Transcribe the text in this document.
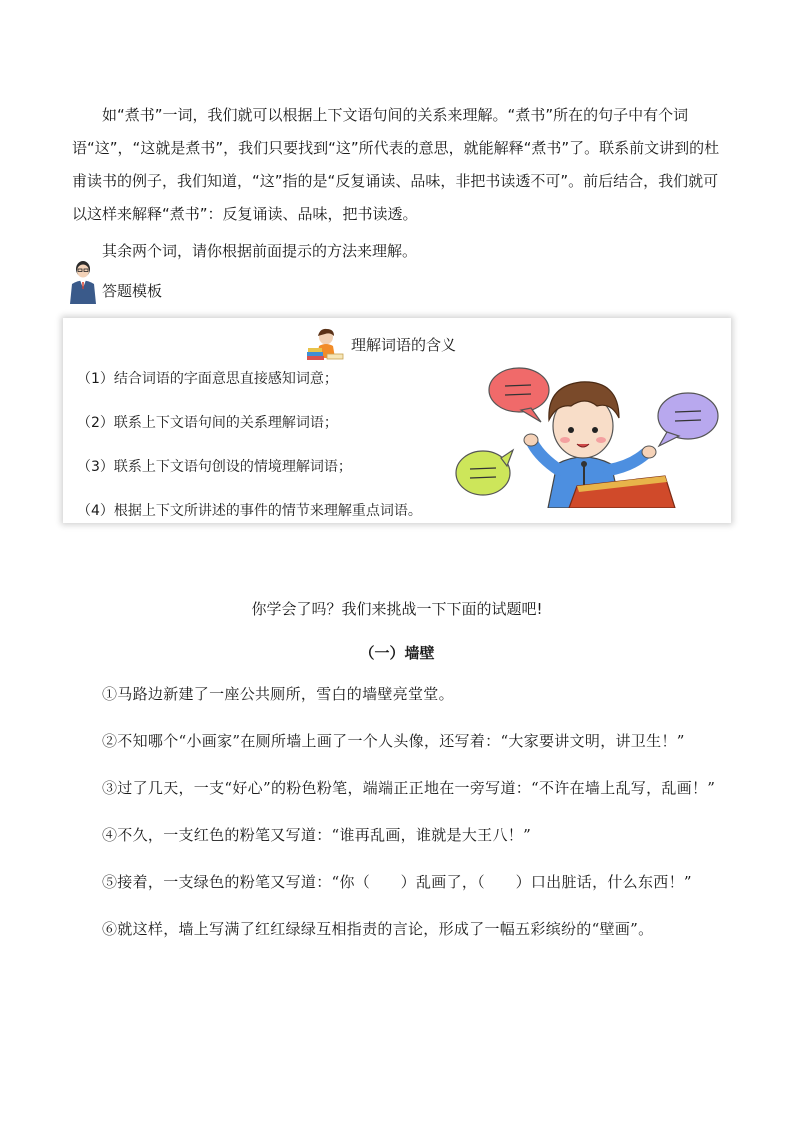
如“煮书”一词，我们就可以根据上下文语句间的关系来理解。“煮书”所在的句子中有个词语“这”，“这就是煮书”，我们只要找到“这”所代表的意思，就能解释“煮书”了。联系前文讲到的杜甫读书的例子，我们知道，“这”指的是“反复诵读、品味，非把书读透不可”。前后结合，我们就可以这样来解释“煮书”：反复诵读、品味，把书读透。

其余两个词，请你根据前面提示的方法来理解。
答题模板
理解词语的含义
（1）结合词语的字面意思直接感知词意；
（2）联系上下文语句间的关系理解词语；
（3）联系上下文语句创设的情境理解词语；
（4）根据上下文所讲述的事件的情节来理解重点词语。
你学会了吗？我们来挑战一下下面的试题吧!
（一）墙壁

①马路边新建了一座公共厕所，雪白的墙壁亮堂堂。

②不知哪个“小画家”在厕所墙上画了一个人头像，还写着：“大家要讲文明，讲卫生！”

③过了几天，一支“好心”的粉色粉笔，端端正正地在一旁写道：“不许在墙上乱写，乱画！”

④不久，一支红色的粉笔又写道：“谁再乱画，谁就是大王八！”

⑤接着，一支绿色的粉笔又写道：“你（　　）乱画了，（　　）口出脏话，什么东西！”

⑥就这样，墙上写满了红红绿绿互相指责的言论，形成了一幅五彩缤纷的“壁画”。
